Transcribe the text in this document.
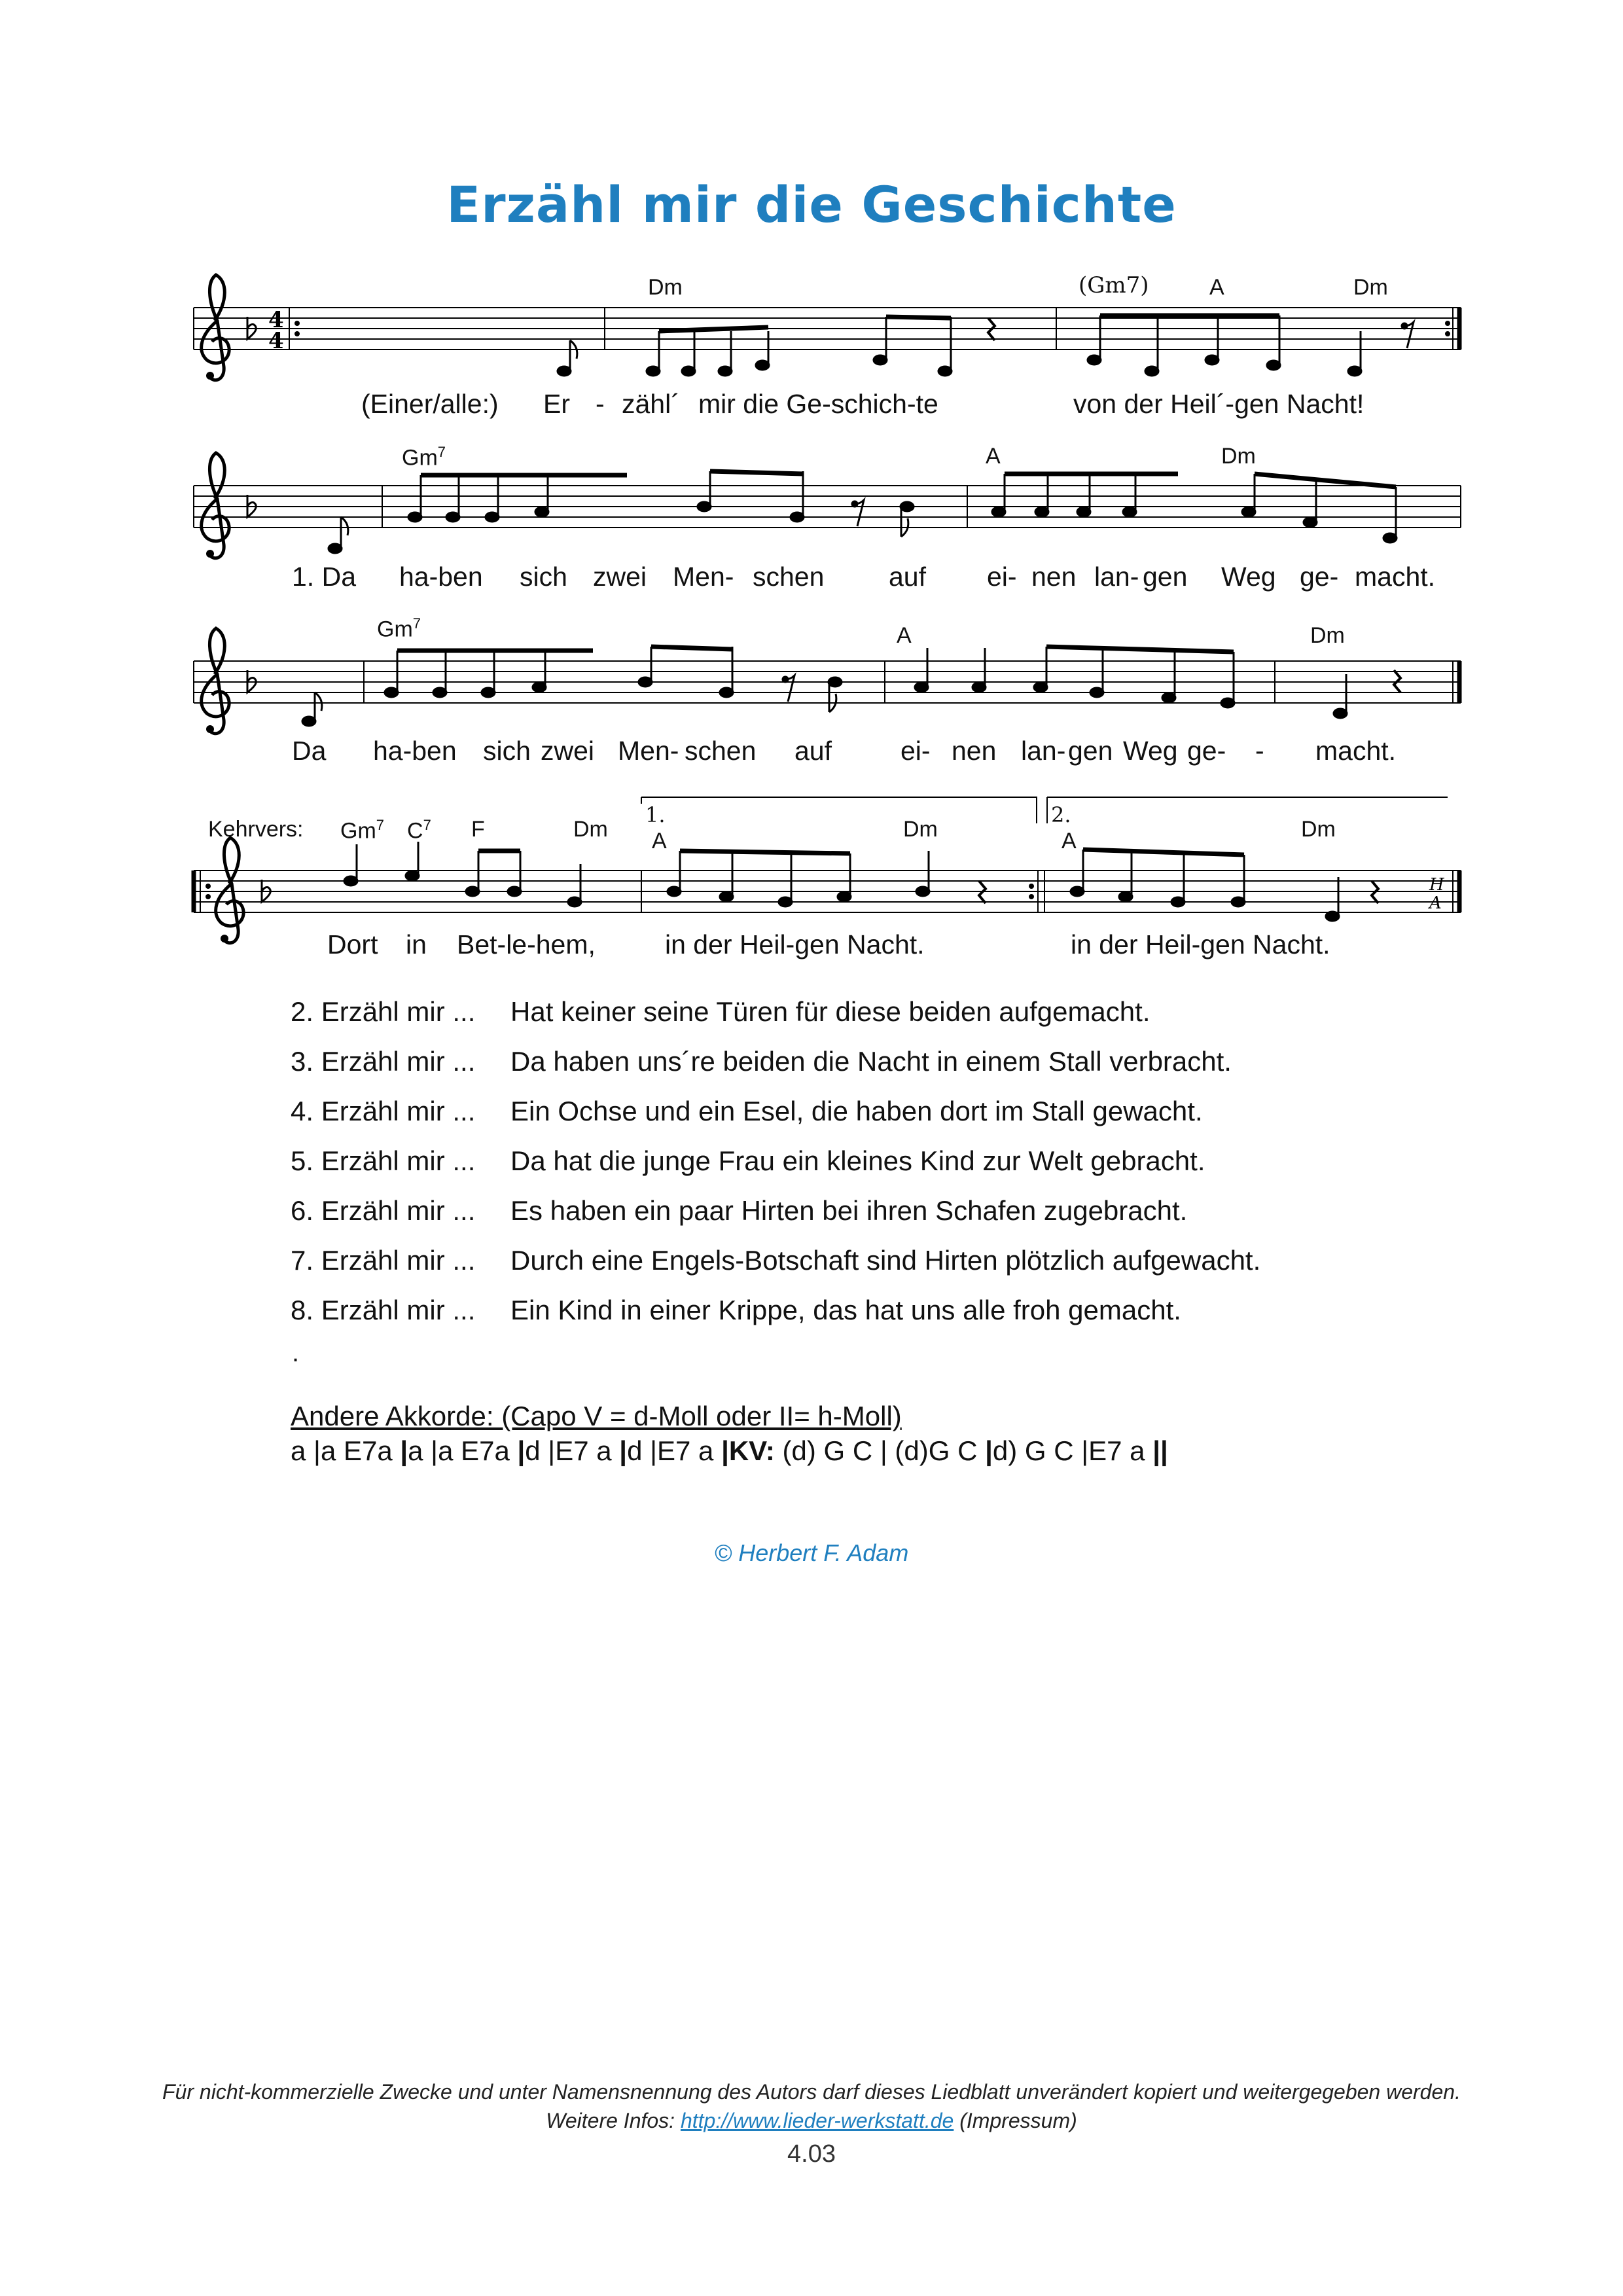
Erzähl mir die Geschichte
4
4
H
A
Dm	(Gm7)	A	Dm
(Einer/alle:) Er - zähl´ mir die Ge-schich-te	von der Heil´-gen Nacht!
Gm$^7$	A	Dm
1. Da ha-ben sich zwei Men- schen auf ei- nen lan- gen Weg ge- macht.
Gm$^7$	A	Dm
Da ha-ben sich zwei Men- schen auf	ei- nen lan- gen Weg ge- - macht.
Kehrvers: Gm$^7$ $C^7$ F	Dm A	Dm	A	Dm
1.	2.
Dort in Bet-le-hem,	in der Heil-gen Nacht.	in der Heil-gen Nacht.
2. Erzähl mir ...	Hat keiner seine Türen für diese beiden aufgemacht.
3. Erzähl mir ...	Da haben uns´re beiden die Nacht in einem Stall verbracht.
4. Erzähl mir ...	Ein Ochse und ein Esel, die haben dort im Stall gewacht.
5. Erzähl mir ...	Da hat die junge Frau ein kleines Kind zur Welt gebracht.
6. Erzähl mir ...	Es haben ein paar Hirten bei ihren Schafen zugebracht.
7. Erzähl mir ...	Durch eine Engels-Botschaft sind Hirten plötzlich aufgewacht.
8. Erzähl mir ...	Ein Kind in einer Krippe, das hat uns alle froh gemacht.
.
Andere Akkorde: (Capo V = d-Moll oder II= h-Moll)
a |a E7a |a |a E7a |d |E7 a |d |E7 a |KV: (d) G C | (d)G C |d) G C |E7 a ||
© Herbert F. Adam
Für nicht-kommerzielle Zwecke und unter Namensnennung des Autors darf dieses Liedblatt unverändert kopiert und weitergegeben werden.
Weitere Infos: http://www.lieder-werkstatt.de (Impressum)
4.03
